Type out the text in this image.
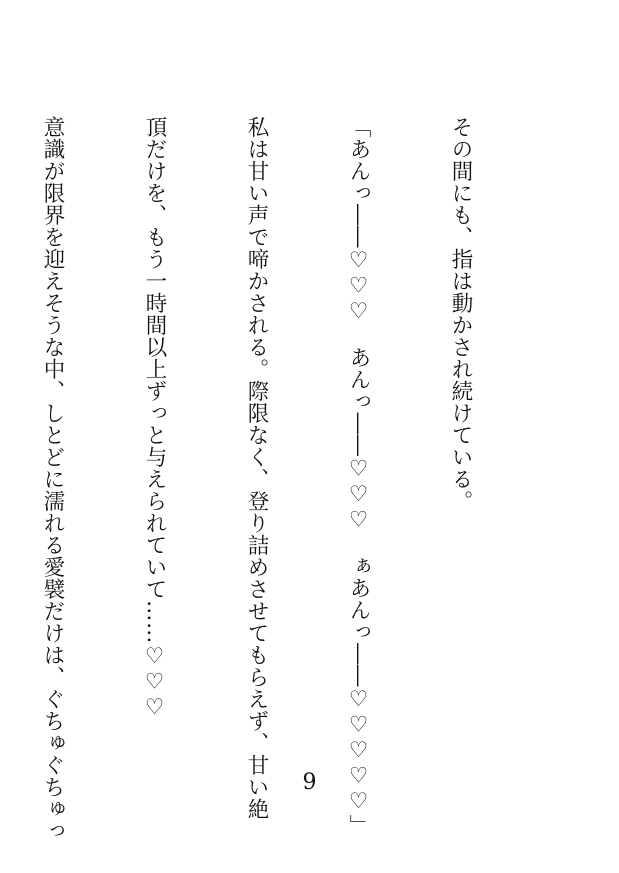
その間にも、指は動かされ続けている。

「あんっ――♡♡♡　あんっ――♡♡♡　ぁあんっ――♡♡♡♡♡」

私は甘い声で啼かされる。際限なく、登り詰めさせてもらえず、甘い絶

頂だけを、もう一時間以上ずっと与えられていて……♡♡♡

意識が限界を迎えそうな中、しとどに濡れる愛襞だけは、ぐちゅぐちゅっ

	9
